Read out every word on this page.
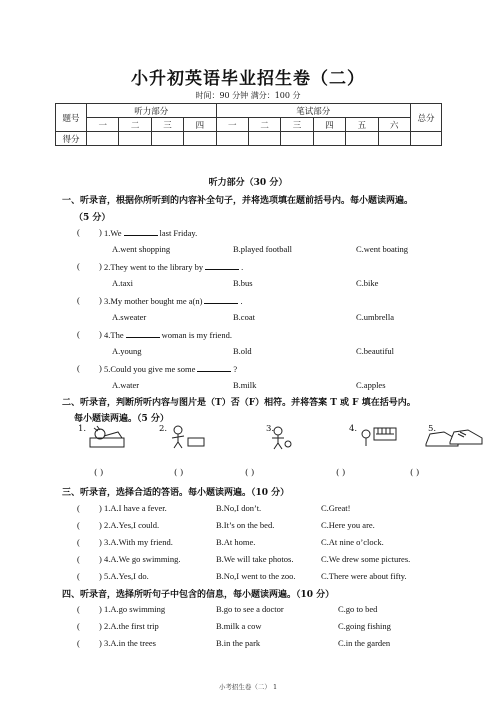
小升初英语毕业招生卷（二）
时间：90 分钟 满分：100 分
题号	听力部分				笔试部分						总分
	一	二	三	四	一	二	三	四	五	六	
得分											
听力部分（30 分）
一、听录音，根据你所听到的内容补全句子，并将选项填在题前括号内。每小题读两遍。
（5 分）
二、听录音，判断所听内容与图片是（T）否（F）相符。并将答案 T 或 F 填在括号内。
每小题读两遍。（5 分）
1.	2.	3.	4.	5.
( )	( )	( )	( )	( )
三、听录音，选择合适的答语。每小题读两遍。（10 分）
四、听录音，选择所听句子中包含的信息，每小题读两遍。（10 分）
小考招生卷（二） 1
( ) 1.We	last Friday.
A.went shopping	B.played football	C.went boating
( ) 2.They went to the library by	.
A.taxi	B.bus	C.bike
( ) 3.My mother bought me a(n)	.
A.sweater	B.coat	C.umbrella
( ) 4.The	woman is my friend.
A.young	B.old	C.beautiful
( ) 5.Could you give me some	?
A.water	B.milk	C.apples
( ) 1.A.I have a fever.	B.No,I don’t.	C.Great!
( ) 2.A.Yes,I could.	B.It’s on the bed.	C.Here you are.
( ) 3.A.With my friend.	B.At home.	C.At nine o’clock.
( ) 4.A.We go swimming.	B.We will take photos.	C.We drew some pictures.
( ) 5.A.Yes,I do.	B.No,I went to the zoo.	C.There were about fifty.
( ) 1.A.go swimming	B.go to see a doctor	C.go to bed
( ) 2.A.the first trip	B.milk a cow	C.going fishing
( ) 3.A.in the trees	B.in the park	C.in the garden
